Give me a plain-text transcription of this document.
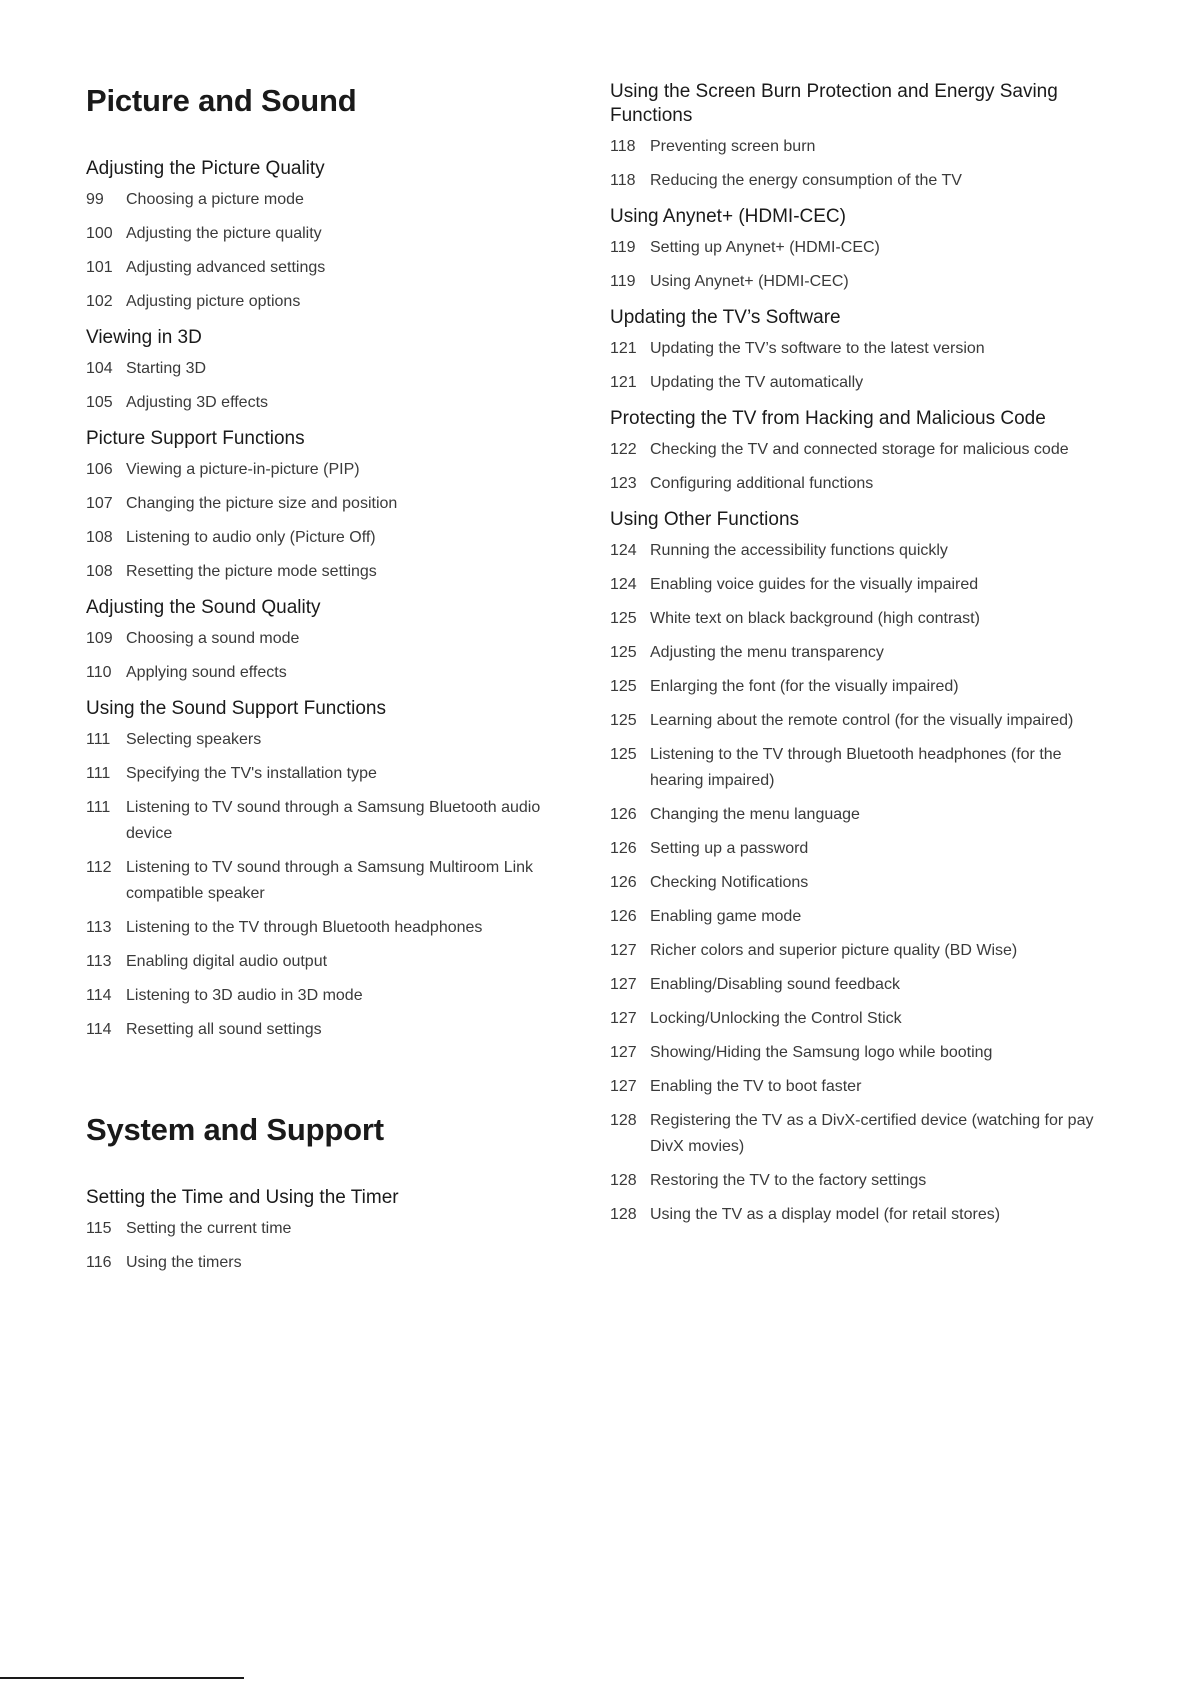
Picture and Sound
Adjusting the Picture Quality
99	Choosing a picture mode
100 Adjusting the picture quality
101 Adjusting advanced settings
102 Adjusting picture options
Viewing in 3D
104 Starting 3D
105 Adjusting 3D effects
Picture Support Functions
106 Viewing a picture-in-picture (PIP)
107 Changing the picture size and position
108 Listening to audio only (Picture Off)
108 Resetting the picture mode settings
Adjusting the Sound Quality
109 Choosing a sound mode
110 Applying sound effects
Using the Sound Support Functions
111 Selecting speakers
111 Specifying the TV's installation type
111 Listening to TV sound through a Samsung Bluetooth audio device
112 Listening to TV sound through a Samsung Multiroom Link compatible speaker
113 Listening to the TV through Bluetooth headphones
113 Enabling digital audio output
114 Listening to 3D audio in 3D mode
114 Resetting all sound settings
System and Support
Setting the Time and Using the Timer
115 Setting the current time
116 Using the timers
Using the Screen Burn Protection and Energy Saving Functions
118 Preventing screen burn
118 Reducing the energy consumption of the TV
Using Anynet+ (HDMI-CEC)
119 Setting up Anynet+ (HDMI-CEC)
119 Using Anynet+ (HDMI-CEC)
Updating the TV’s Software
121 Updating the TV’s software to the latest version
121 Updating the TV automatically
Protecting the TV from Hacking and Malicious Code
122 Checking the TV and connected storage for malicious code
123 Configuring additional functions
Using Other Functions
124 Running the accessibility functions quickly
124 Enabling voice guides for the visually impaired
125 White text on black background (high contrast)
125 Adjusting the menu transparency
125 Enlarging the font (for the visually impaired)
125 Learning about the remote control (for the visually impaired)
125 Listening to the TV through Bluetooth headphones (for the hearing impaired)
126 Changing the menu language
126 Setting up a password
126 Checking Notifications
126 Enabling game mode
127 Richer colors and superior picture quality (BD Wise)
127 Enabling/Disabling sound feedback
127 Locking/Unlocking the Control Stick
127 Showing/Hiding the Samsung logo while booting
127 Enabling the TV to boot faster
128 Registering the TV as a DivX-certified device (watching for pay DivX movies)
128 Restoring the TV to the factory settings
128 Using the TV as a display model (for retail stores)
